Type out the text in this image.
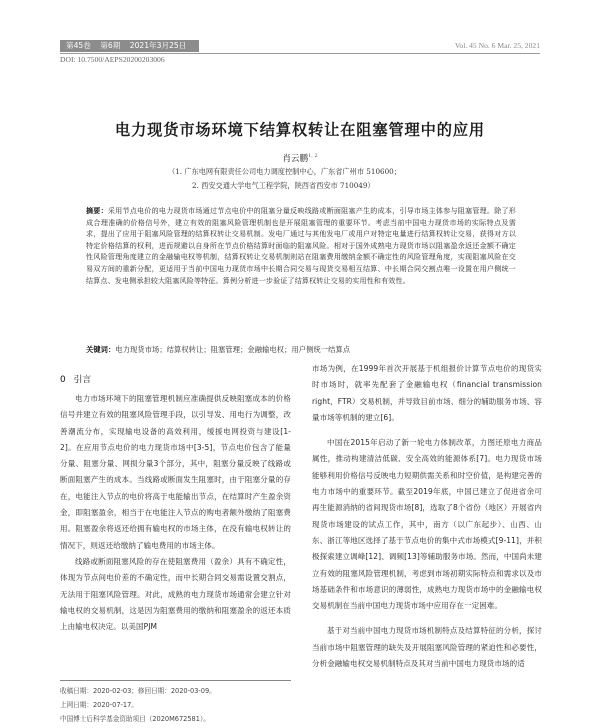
第45卷 第6期 2021年3月25日	Vol. 45 No. 6 Mar. 25, 2021
DOI: 10.7500/AEPS20200203006
电力现货市场环境下结算权转让在阻塞管理中的应用
肖云鹏$^{1, 2}$
（1. 广东电网有限责任公司电力调度控制中心，广东省广州市 510600；
2. 西安交通大学电气工程学院，陕西省西安市 710049）
摘要：采用节点电价的电力现货市场通过节点电价中的阻塞分量反映线路或断面阻塞产生的成本，引导市场主体参与阻塞管理。除了形成合理准确的价格信号外，建立有效的阻塞风险管理机制也是开展阻塞管理的重要环节。考虑当前中国电力现货市场的实际特点及需求，提出了应用于阻塞风险管理的结算权转让交易机制。发电厂通过与其他发电厂或用户对特定电量进行结算权转让交易，获得对方以特定价格结算的权利，进而规避以自身所在节点价格结算时面临的阻塞风险。相对于国外成熟电力现货市场以阻塞盈余返还金额不确定性风险管理角度建立的金融输电权等机制，结算权转让交易机制则站在阻塞费用缴纳金额不确定性的风险管理角度，实现阻塞风险在交易双方间的重新分配，更适用于当前中国电力现货市场中长期合同交易与现货交易相互结算、中长期合同交割点唯一设置在用户侧统一结算点、发电侧承担较大阻塞风险等特征。算例分析进一步验证了结算权转让交易的实用性和有效性。
关键词：电力现货市场；结算权转让；阻塞管理；金融输电权；用户侧统一结算点
0 引言

电力市场环境下的阻塞管理机制应准确提供反映阻塞成本的价格信号并建立有效的阻塞风险管理手段，以引导发、用电行为调整，改善潮流分布，实现输电设备的高效利用，缓援电网投资与建设[1-2]。在应用节点电价的电力现货市场中[3-5]，节点电价包含了能量分量、阻塞分量、网损分量3个部分，其中，阻塞分量反映了线路或断面阻塞产生的成本。当线路或断面发生阻塞时，由于阻塞分量的存在，电能注入节点的电价将高于电能输出节点，在结算时产生盈余资金，即阻塞盈余，相当于在电能注入节点的购电者额外缴纳了阻塞费用。阻塞盈余将返还给拥有输电权的市场主体，在没有输电权转让的情况下，则返还给缴纳了输电费用的市场主体。

线路或断面阻塞风险的存在使阻塞费用（盈余）具有不确定性，体现为节点间电价差的不确定性，而中长期合同交易需设置交割点，无法用于阻塞风险管理。对此，成熟的电力现货市场通常会建立针对输电权的交易机制，这是因为阻塞费用的缴纳和阻塞盈余的返还本质上由输电权决定。以美国PJM

市场为例，在1999年首次开展基于机组报价计算节点电价的现货实时市场时，就率先配套了金融输电权（financial transmission right，FTR）交易机制，并导致目前市场、细分的辅助服务市场、容量市场等机制的建立[6]。

中国在2015年启动了新一轮电力体制改革，力图还原电力商品属性，推动构建清洁低碳、安全高效的能源体系[7]。电力现货市场能够利用价格信号反映电力短期供需关系和时空价值，是构建完善的电力市场中的重要环节。截至2019年底，中国已建立了促进省余可再生能源消纳的省间现货市场[8]，选取了8个省份（地区）开展省内现货市场建设的试点工作，其中，南方（以广东起步）、山西、山东、浙江等地区选择了基于节点电价的集中式市场模式[9-11]，并积极探索建立调峰[12]、调频[13]等辅助服务市场。然而，中国尚未建立有效的阻塞风险管理机制，考虑到市场初期实际特点和需求以及市场基础条件和市场意识的薄弱性，成熟电力现货市场中的金融输电权交易机制在当前中国电力现货市场中应用存在一定困难。

基于对当前中国电力现货市场机制特点及结算特征的分析，探讨当前市场中阻塞管理的缺失及开展阻塞风险管理的紧迫性和必要性，分析金融输电权交易机制特点及其对当前中国电力现货市场的适

收稿日期：2020-02-03；修回日期：2020-03-09。
上网日期：2020-07-17。
中国博士后科学基金资助项目（2020M672581）。
